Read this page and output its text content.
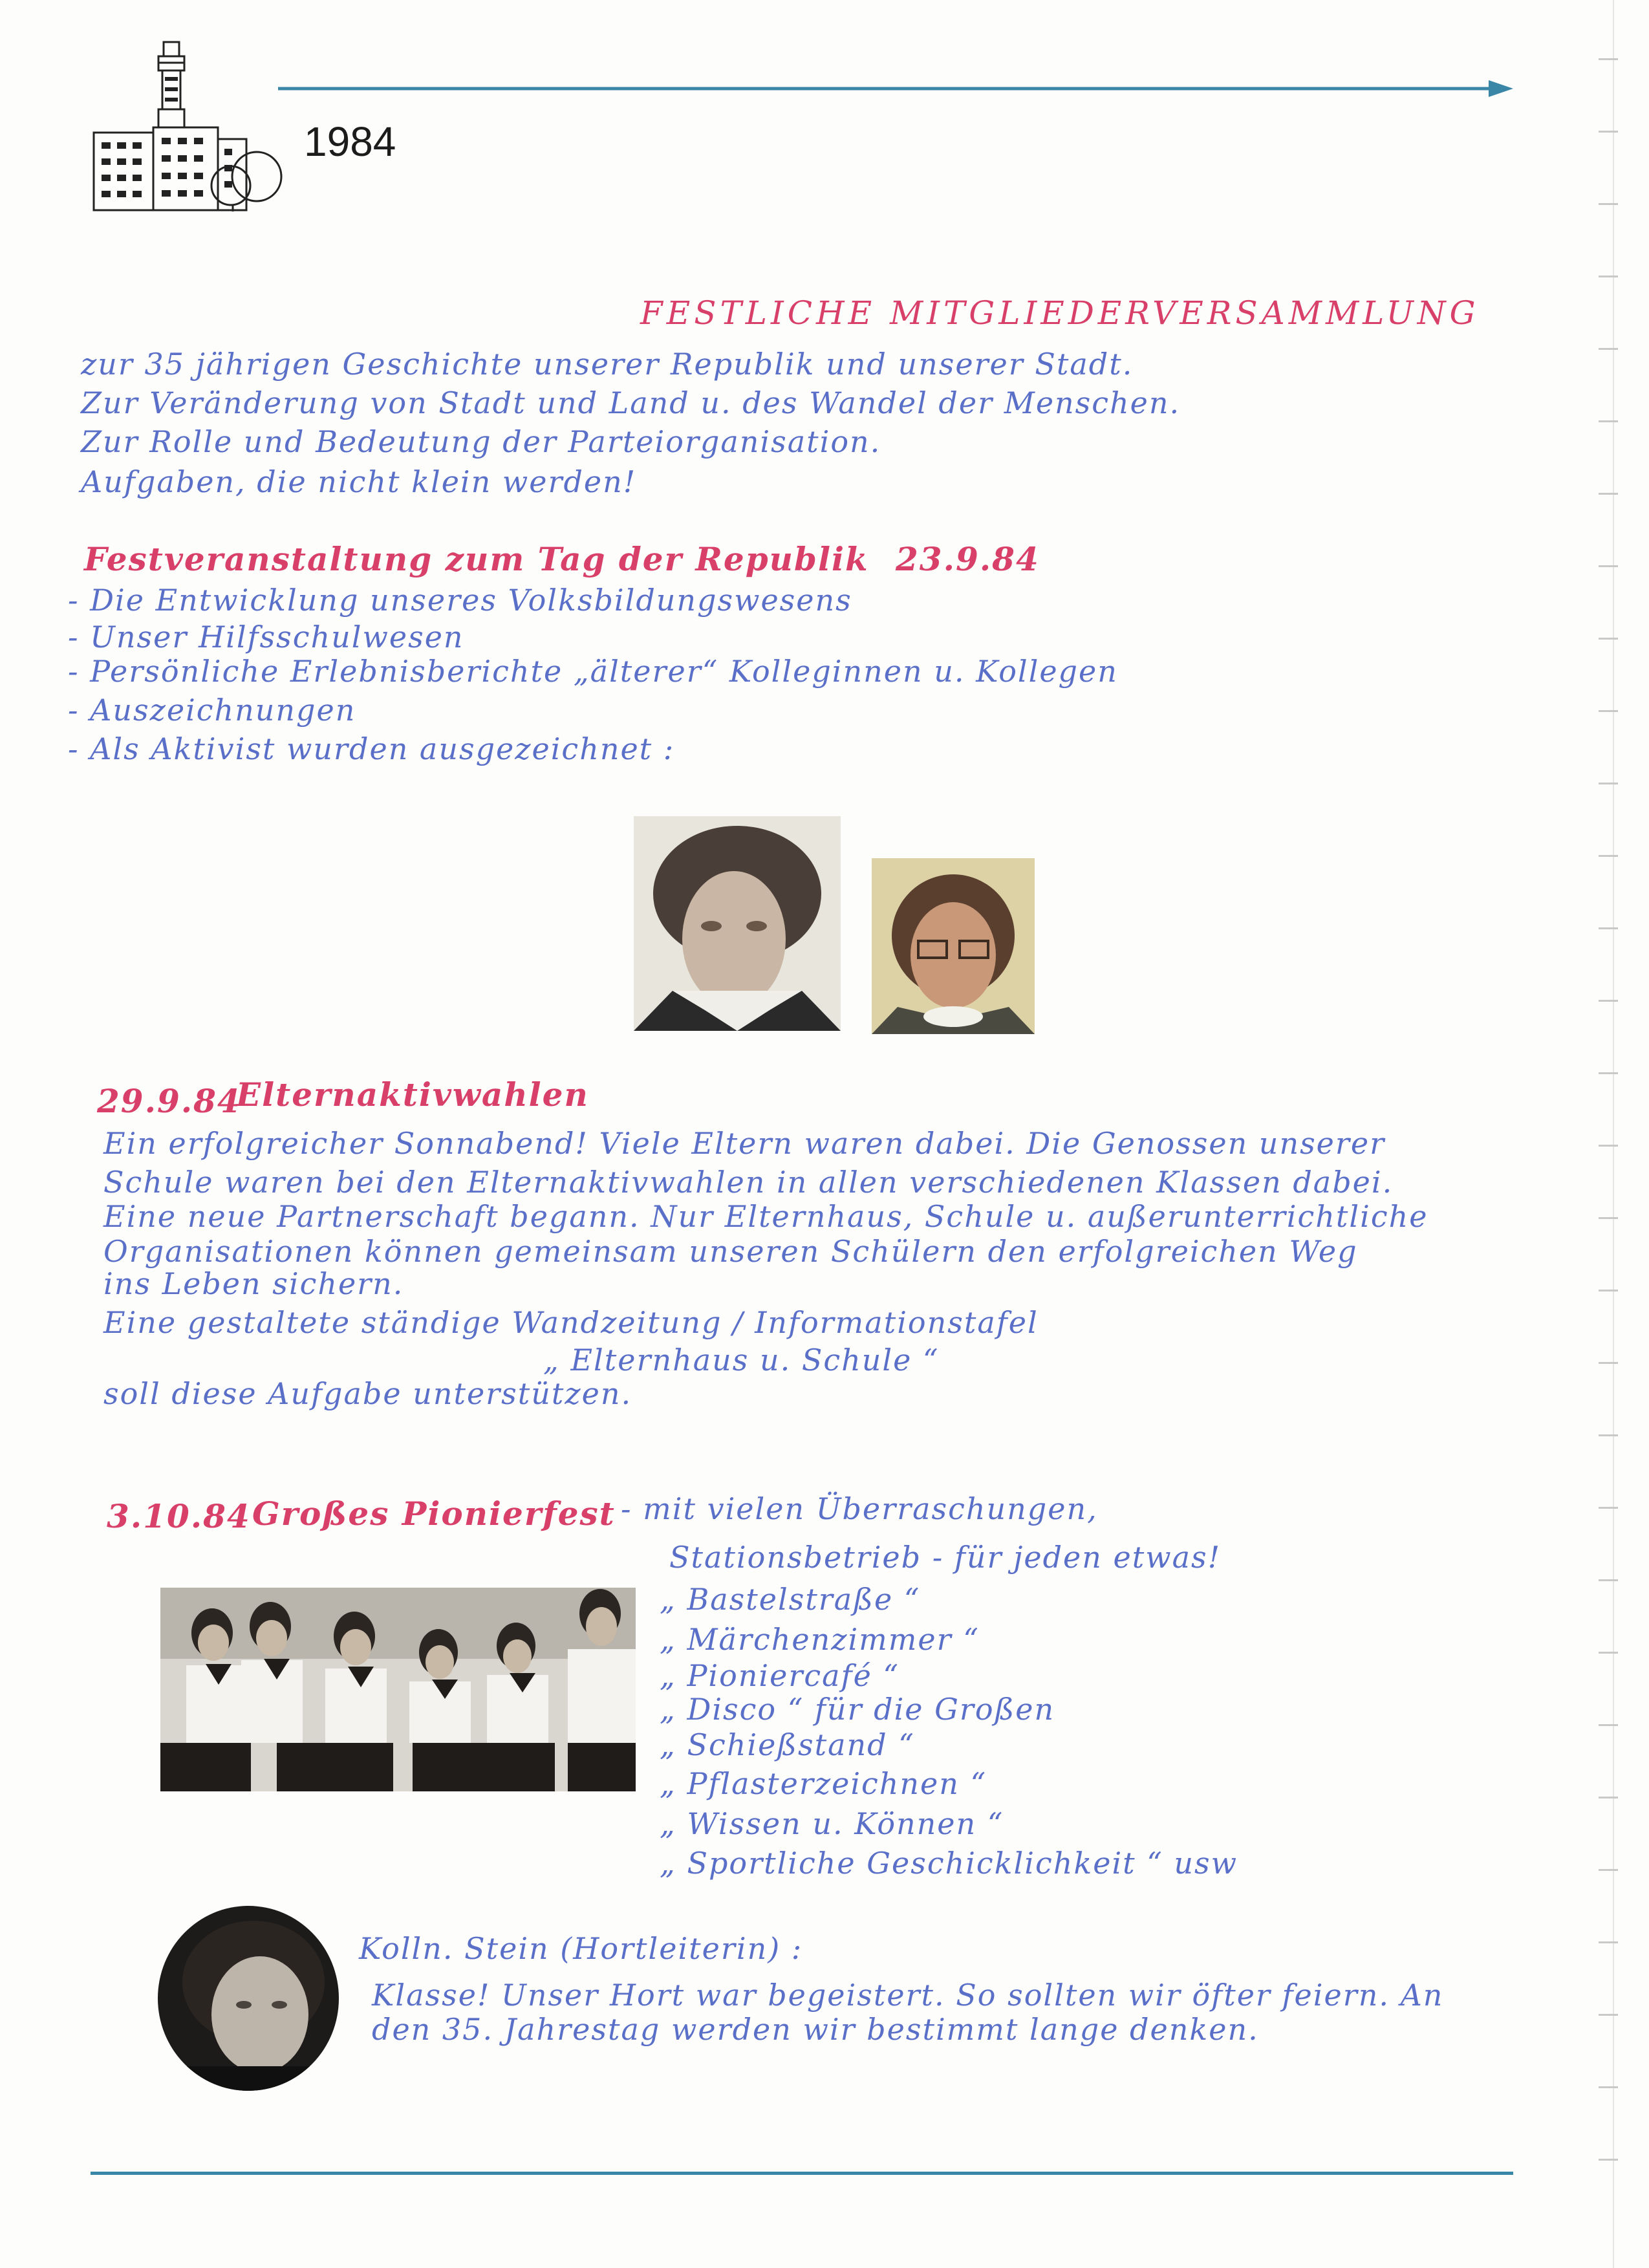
1984
FESTLICHE MITGLIEDERVERSAMMLUNG
zur 35 jährigen Geschichte unserer Republik und unserer Stadt.
Zur Veränderung von Stadt und Land u. des Wandel der Menschen.
Zur Rolle und Bedeutung der Parteiorganisation.
Aufgaben, die nicht klein werden!
Festveranstaltung zum Tag der Republik 23.9.84
- Die Entwicklung unseres Volksbildungswesens
- Unser Hilfsschulwesen
- Persönliche Erlebnisberichte „älterer“ Kolleginnen u. Kollegen
- Auszeichnungen
- Als Aktivist wurden ausgezeichnet :
29.9.84
Elternaktivwahlen
Ein erfolgreicher Sonnabend! Viele Eltern waren dabei. Die Genossen unserer
Schule waren bei den Elternaktivwahlen in allen verschiedenen Klassen dabei.
Eine neue Partnerschaft begann. Nur Elternhaus, Schule u. außerunterrichtliche
Organisationen können gemeinsam unseren Schülern den erfolgreichen Weg
ins Leben sichern.
Eine gestaltete ständige Wandzeitung / Informationstafel
„ Elternhaus u. Schule “
soll diese Aufgabe unterstützen.
3.10.84 Großes Pionierfest - mit vielen Überraschungen,
Stationsbetrieb - für jeden etwas!
„ Bastelstraße “
„ Märchenzimmer “
„ Pioniercafé “
„ Disco “ für die Großen
„ Schießstand “
„ Pflasterzeichnen “
„ Wissen u. Können “
„ Sportliche Geschicklichkeit “ usw
Kolln. Stein (Hortleiterin) :
Klasse! Unser Hort war begeistert. So sollten wir öfter feiern. An
den 35. Jahrestag werden wir bestimmt lange denken.
